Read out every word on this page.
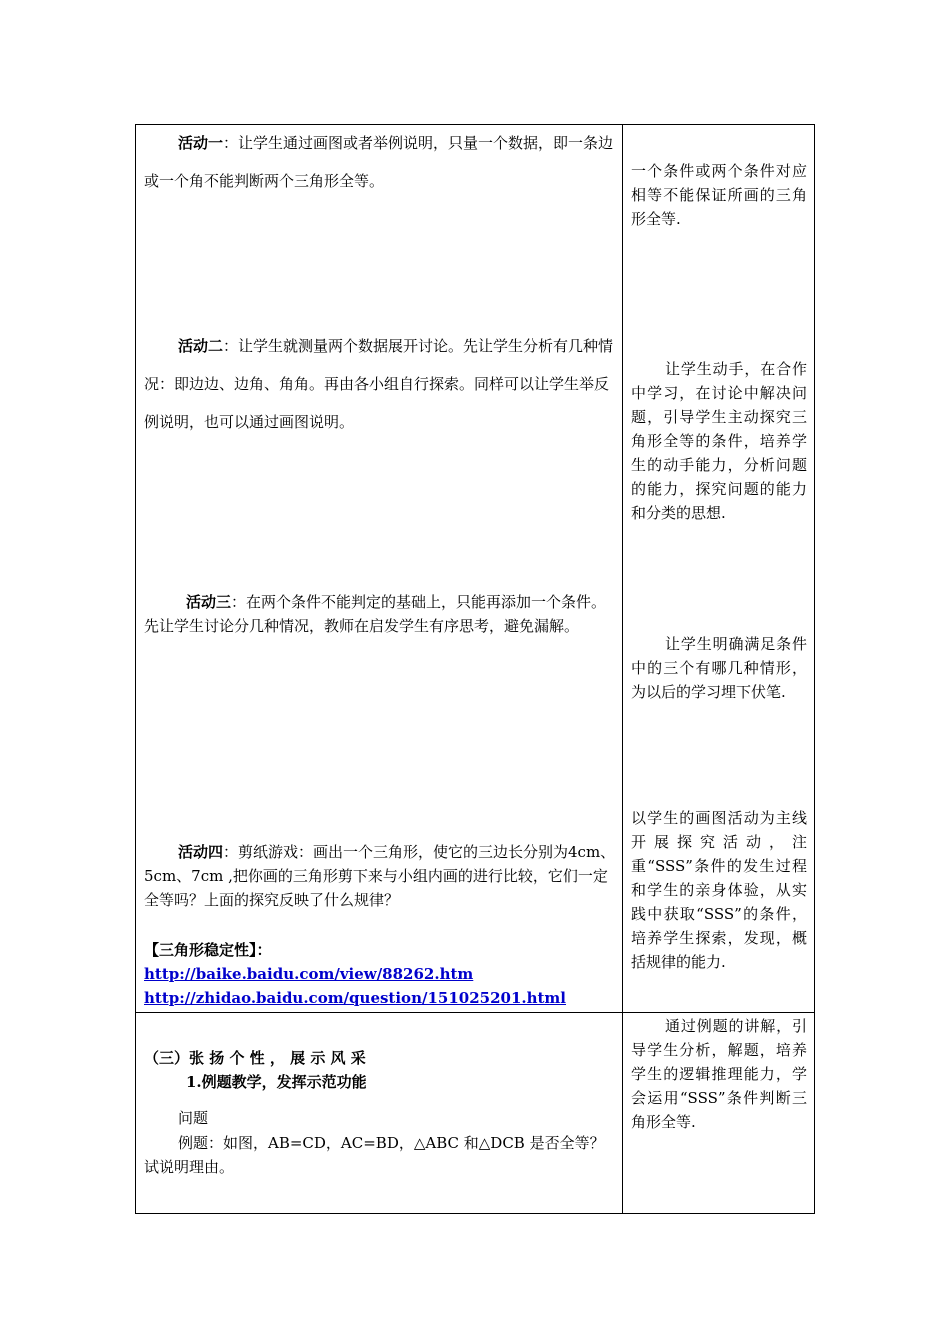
活动一：让学生通过画图或者举例说明，只量一个数据，即一条边或一个角不能判断两个三角形全等。
活动二：让学生就测量两个数据展开讨论。先让学生分析有几种情况：即边边、边角、角角。再由各小组自行探索。同样可以让学生举反例说明，也可以通过画图说明。
活动三：在两个条件不能判定的基础上，只能再添加一个条件。先让学生讨论分几种情况，教师在启发学生有序思考，避免漏解。
活动四：剪纸游戏：画出一个三角形，使它的三边长分别为4cm、 5cm、7cm ,把你画的三角形剪下来与小组内画的进行比较，它们一定全等吗？上面的探究反映了什么规律？
【三角形稳定性】：
http://baike.baidu.com/view/88262.htm
http://zhidao.baidu.com/question/151025201.html
（三）张 扬 个 性 ， 展 示 风 采
1.例题教学，发挥示范功能
问题
例题：如图，AB=CD，AC=BD，△ABC 和△DCB 是否全等？试说明理由。
一个条件或两个条件对应相等不能保证所画的三角形全等.
让学生动手，在合作中学习，在讨论中解决问题，引导学生主动探究三角形全等的条件，培养学生的动手能力，分析问题的能力，探究问题的能力和分类的思想.
让学生明确满足条件中的三个有哪几种情形，为以后的学习埋下伏笔.
以学生的画图活动为主线开展探究活动，注重“SSS”条件的发生过程和学生的亲身体验，从实践中获取“SSS”的条件，培养学生探索，发现，概括规律的能力.
通过例题的讲解，引导学生分析，解题，培养学生的逻辑推理能力，学会运用“SSS”条件判断三角形全等.
